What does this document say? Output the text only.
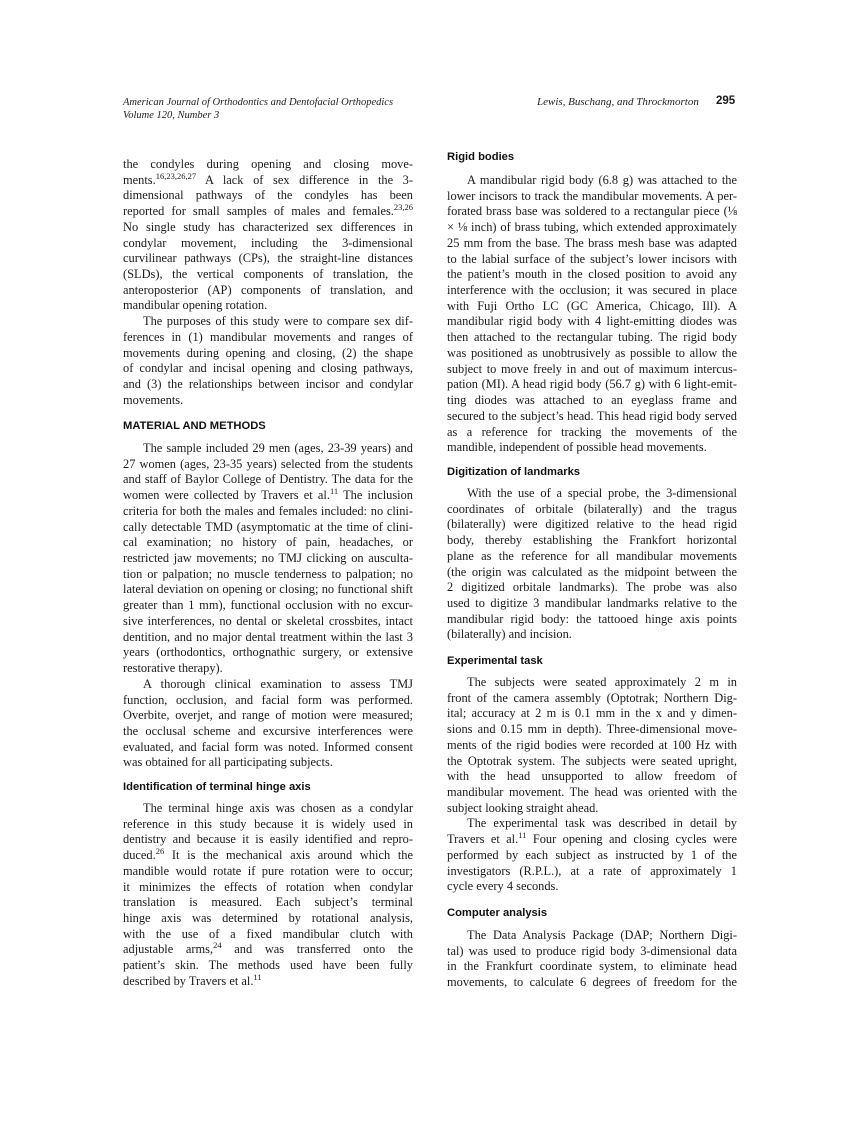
American Journal of Orthodontics and Dentofacial Orthopedics
Volume 120, Number 3
Lewis, Buschang, and Throckmorton 295
the condyles during opening and closing move-
ments.$^{16,23,26,27}$ A lack of sex difference in the 3-
dimensional pathways of the condyles has been
reported for small samples of males and females.$^{23,26}$
No single study has characterized sex differences in
condylar movement, including the 3-dimensional
curvilinear pathways (CPs), the straight-line distances
(SLDs), the vertical components of translation, the
anteroposterior (AP) components of translation, and
mandibular opening rotation.
The purposes of this study were to compare sex dif-
ferences in (1) mandibular movements and ranges of
movements during opening and closing, (2) the shape
of condylar and incisal opening and closing pathways,
and (3) the relationships between incisor and condylar
movements.
MATERIAL AND METHODS
The sample included 29 men (ages, 23-39 years) and
27 women (ages, 23-35 years) selected from the students
and staff of Baylor College of Dentistry. The data for the
women were collected by Travers et al.$^{11}$ The inclusion
criteria for both the males and females included: no clini-
cally detectable TMD (asymptomatic at the time of clini-
cal examination; no history of pain, headaches, or
restricted jaw movements; no TMJ clicking on ausculta-
tion or palpation; no muscle tenderness to palpation; no
lateral deviation on opening or closing; no functional shift
greater than 1 mm), functional occlusion with no excur-
sive interferences, no dental or skeletal crossbites, intact
dentition, and no major dental treatment within the last 3
years (orthodontics, orthognathic surgery, or extensive
restorative therapy).
A thorough clinical examination to assess TMJ
function, occlusion, and facial form was performed.
Overbite, overjet, and range of motion were measured;
the occlusal scheme and excursive interferences were
evaluated, and facial form was noted. Informed consent
was obtained for all participating subjects.
Identification of terminal hinge axis
The terminal hinge axis was chosen as a condylar
reference in this study because it is widely used in
dentistry and because it is easily identified and repro-
duced.$^{26}$ It is the mechanical axis around which the
mandible would rotate if pure rotation were to occur;
it minimizes the effects of rotation when condylar
translation is measured. Each subject’s terminal
hinge axis was determined by rotational analysis,
with the use of a fixed mandibular clutch with
adjustable arms,$^{24}$ and was transferred onto the
patient’s skin. The methods used have been fully
described by Travers et al.$^{11}$
Rigid bodies
A mandibular rigid body (6.8 g) was attached to the
lower incisors to track the mandibular movements. A per-
forated brass base was soldered to a rectangular piece (⅛
× ⅛ inch) of brass tubing, which extended approximately
25 mm from the base. The brass mesh base was adapted
to the labial surface of the subject’s lower incisors with
the patient’s mouth in the closed position to avoid any
interference with the occlusion; it was secured in place
with Fuji Ortho LC (GC America, Chicago, Ill). A
mandibular rigid body with 4 light-emitting diodes was
then attached to the rectangular tubing. The rigid body
was positioned as unobtrusively as possible to allow the
subject to move freely in and out of maximum intercus-
pation (MI). A head rigid body (56.7 g) with 6 light-emit-
ting diodes was attached to an eyeglass frame and
secured to the subject’s head. This head rigid body served
as a reference for tracking the movements of the
mandible, independent of possible head movements.
Digitization of landmarks
With the use of a special probe, the 3-dimensional
coordinates of orbitale (bilaterally) and the tragus
(bilaterally) were digitized relative to the head rigid
body, thereby establishing the Frankfort horizontal
plane as the reference for all mandibular movements
(the origin was calculated as the midpoint between the
2 digitized orbitale landmarks). The probe was also
used to digitize 3 mandibular landmarks relative to the
mandibular rigid body: the tattooed hinge axis points
(bilaterally) and incision.
Experimental task
The subjects were seated approximately 2 m in
front of the camera assembly (Optotrak; Northern Dig-
ital; accuracy at 2 m is 0.1 mm in the x and y dimen-
sions and 0.15 mm in depth). Three-dimensional move-
ments of the rigid bodies were recorded at 100 Hz with
the Optotrak system. The subjects were seated upright,
with the head unsupported to allow freedom of
mandibular movement. The head was oriented with the
subject looking straight ahead.
The experimental task was described in detail by
Travers et al.$^{11}$ Four opening and closing cycles were
performed by each subject as instructed by 1 of the
investigators (R.P.L.), at a rate of approximately 1
cycle every 4 seconds.
Computer analysis
The Data Analysis Package (DAP; Northern Digi-
tal) was used to produce rigid body 3-dimensional data
in the Frankfurt coordinate system, to eliminate head
movements, to calculate 6 degrees of freedom for the
